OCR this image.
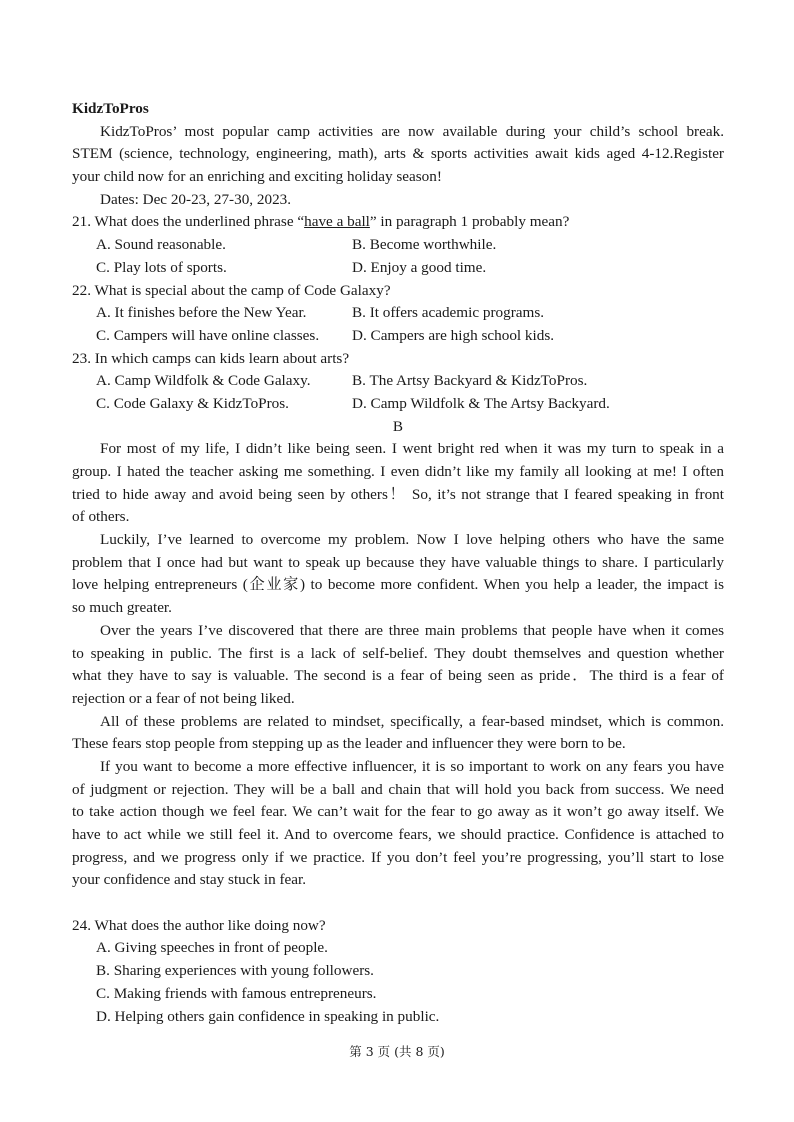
KidzToPros
KidzToPros’ most popular camp activities are now available during your child’s school break.
STEM (science, technology, engineering, math), arts & sports activities await kids aged 4-12.Register
your child now for an enriching and exciting holiday season!
Dates: Dec 20-23, 27-30, 2023.
21. What does the underlined phrase “have a ball” in paragraph 1 probably mean?
A. Sound reasonable.	B. Become worthwhile.
C. Play lots of sports.	D. Enjoy a good time.
22. What is special about the camp of Code Galaxy?
A. It finishes before the New Year.	B. It offers academic programs.
C. Campers will have online classes.	D. Campers are high school kids.
23. In which camps can kids learn about arts?
A. Camp Wildfolk & Code Galaxy.	B. The Artsy Backyard & KidzToPros.
C. Code Galaxy & KidzToPros.	D. Camp Wildfolk & The Artsy Backyard.
B
For most of my life, I didn’t like being seen. I went bright red when it was my turn to speak in a
group. I hated the teacher asking me something. I even didn’t like my family all looking at me! I often
tried to hide away and avoid being seen by others！ So, it’s not strange that I feared speaking in front
of others.
Luckily, I’ve learned to overcome my problem. Now I love helping others who have the same
problem that I once had but want to speak up because they have valuable things to share. I particularly
love helping entrepreneurs (企业家) to become more confident. When you help a leader, the impact is
so much greater.
Over the years I’ve discovered that there are three main problems that people have when it comes
to speaking in public. The first is a lack of self-belief. They doubt themselves and question whether
what they have to say is valuable. The second is a fear of being seen as pride．The third is a fear of
rejection or a fear of not being liked.
All of these problems are related to mindset, specifically, a fear-based mindset, which is common.
These fears stop people from stepping up as the leader and influencer they were born to be.
If you want to become a more effective influencer, it is so important to work on any fears you have
of judgment or rejection. They will be a ball and chain that will hold you back from success. We need
to take action though we feel fear. We can’t wait for the fear to go away as it won’t go away itself. We
have to act while we still feel it. And to overcome fears, we should practice. Confidence is attached to
progress, and we progress only if we practice. If you don’t feel you’re progressing, you’ll start to lose
your confidence and stay stuck in fear.
24. What does the author like doing now?
A. Giving speeches in front of people.
B. Sharing experiences with young followers.
C. Making friends with famous entrepreneurs.
D. Helping others gain confidence in speaking in public.
第 3 页 (共 8 页)
